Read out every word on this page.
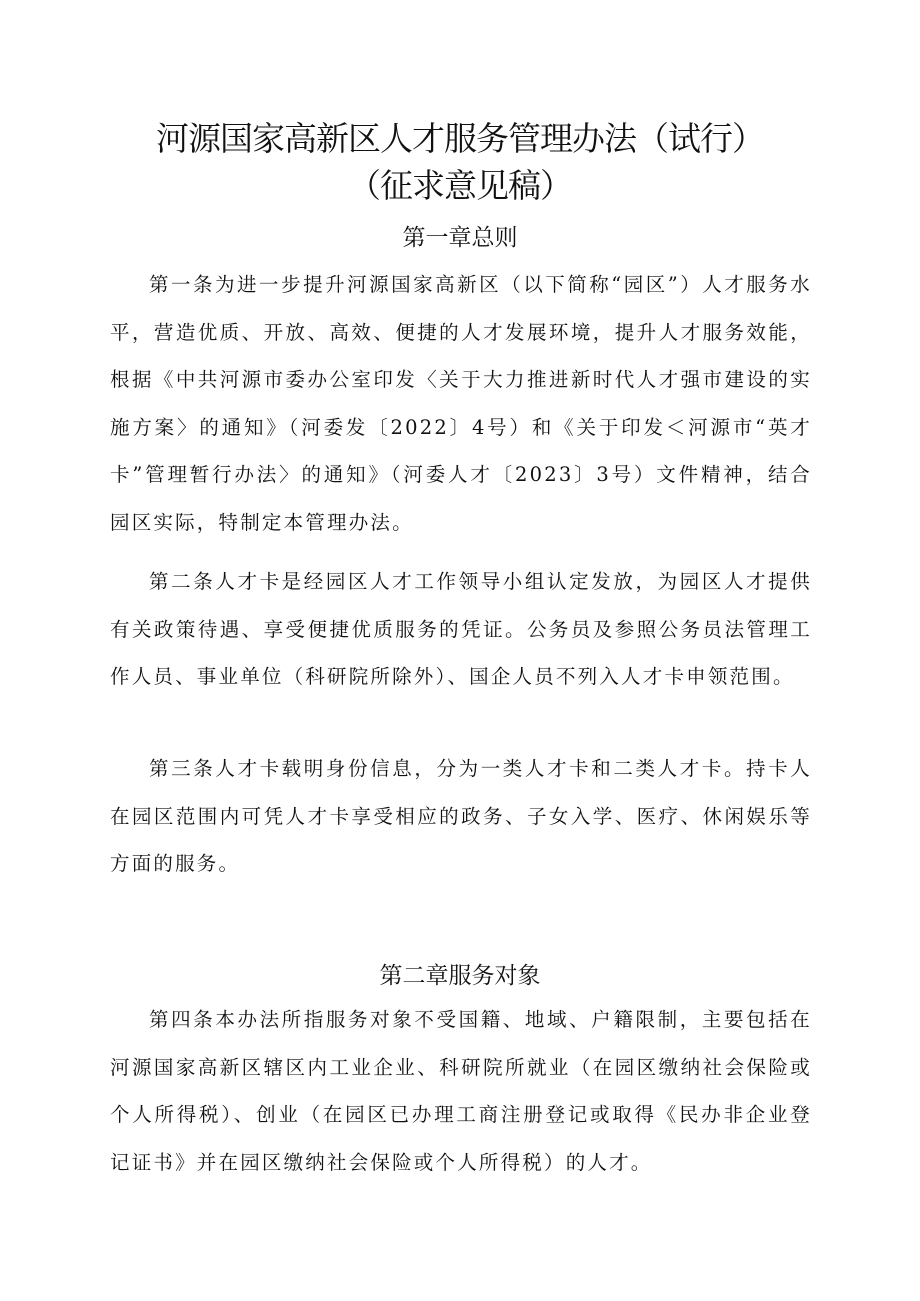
河源国家高新区人才服务管理办法（试行）
（征求意见稿）
第一章总则

第一条为进一步提升河源国家高新区（以下简称“园区”）人才服务水平，营造优质、开放、高效、便捷的人才发展环境，提升人才服务效能，根据《中共河源市委办公室印发〈关于大力推进新时代人才强市建设的实施方案〉的通知》（河委发〔2022〕4号）和《关于印发＜河源市“英才卡”管理暂行办法〉的通知》（河委人才〔2023〕3号）文件精神，结合园区实际，特制定本管理办法。

第二条人才卡是经园区人才工作领导小组认定发放，为园区人才提供有关政策待遇、享受便捷优质服务的凭证。公务员及参照公务员法管理工作人员、事业单位（科研院所除外）、国企人员不列入人才卡申领范围。

第三条人才卡载明身份信息，分为一类人才卡和二类人才卡。持卡人在园区范围内可凭人才卡享受相应的政务、子女入学、医疗、休闲娱乐等方面的服务。

第二章服务对象

第四条本办法所指服务对象不受国籍、地域、户籍限制，主要包括在河源国家高新区辖区内工业企业、科研院所就业（在园区缴纳社会保险或个人所得税）、创业（在园区已办理工商注册登记或取得《民办非企业登记证书》并在园区缴纳社会保险或个人所得税）的人才。
